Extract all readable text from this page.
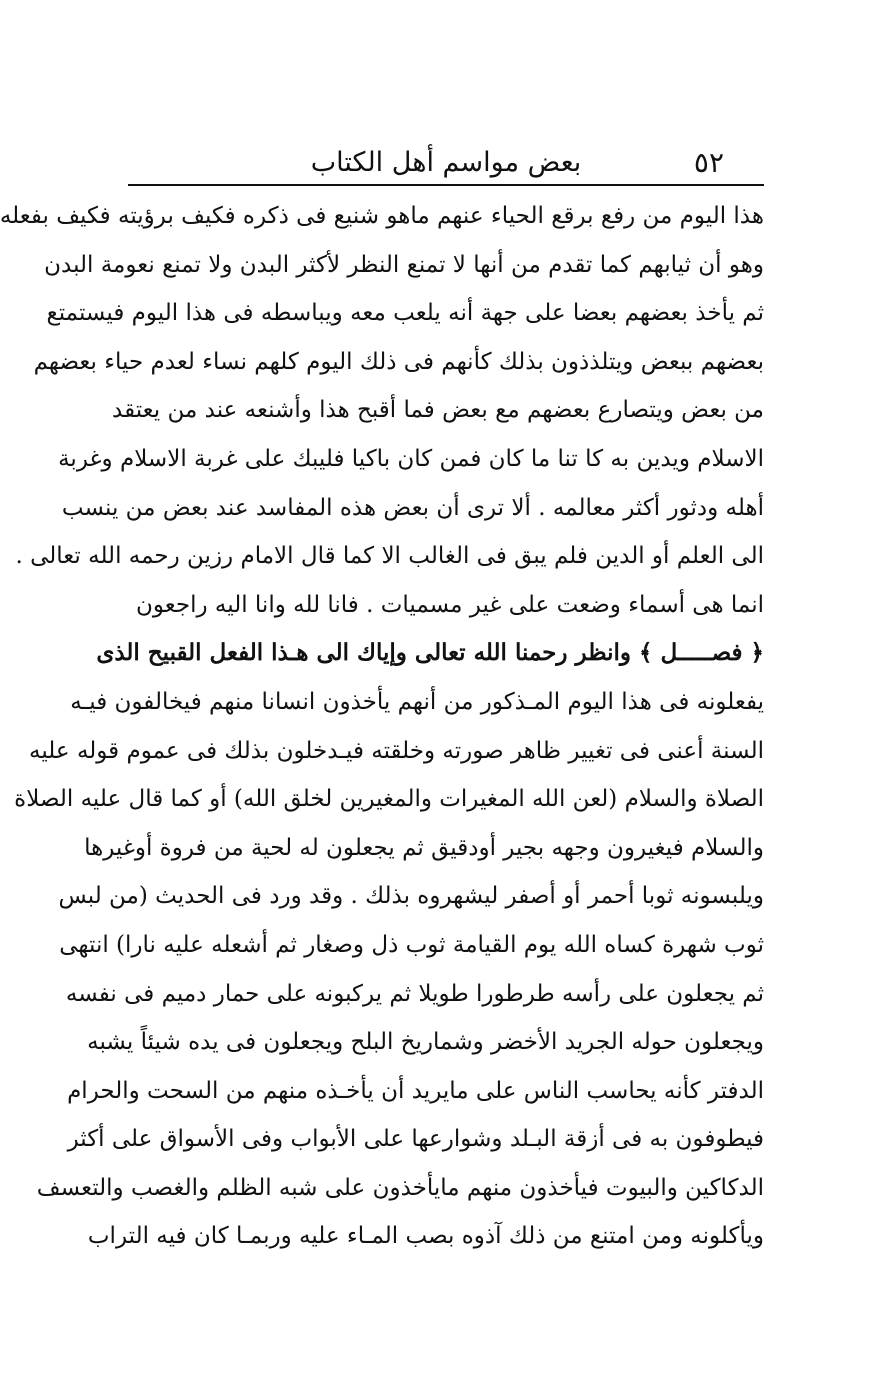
٥٢
بعض مواسم أهل الكتاب
هذا اليوم من رفع برقع الحياء عنهم ماهو شنيع فى ذكره فكيف برؤيته فكيف بفعله
وهو أن ثيابهم كما تقدم من أنها لا تمنع النظر لأكثر البدن ولا تمنع نعومة البدن
ثم يأخذ بعضهم بعضا على جهة أنه يلعب معه ويباسطه فى هذا اليوم فيستمتع
بعضهم ببعض ويتلذذون بذلك كأنهم فى ذلك اليوم كلهم نساء لعدم حياء بعضهم
من بعض ويتصارع بعضهم مع بعض فما أقبح هذا وأشنعه عند من يعتقد
الاسلام ويدين به كا تنا ما كان فمن كان باكيا فليبك على غربة الاسلام وغربة
أهله ودثور أكثر معالمه . ألا ترى أن بعض هذه المفاسد عند بعض من ينسب
الى العلم أو الدين فلم يبق فى الغالب الا كما قال الامام رزين رحمه الله تعالى .
انما هى أسماء وضعت على غير مسميات . فانا لله وانا اليه راجعون
﴿ فصـــــل ﴾ وانظر رحمنا الله تعالى وإياك الى هـذا الفعل القبيح الذى
يفعلونه فى هذا اليوم المـذكور من أنهم يأخذون انسانا منهم فيخالفون فيـه
السنة أعنى فى تغيير ظاهر صورته وخلقته فيـدخلون بذلك فى عموم قوله عليه
الصلاة والسلام (لعن الله المغيرات والمغيرين لخلق الله) أو كما قال عليه الصلاة
والسلام فيغيرون وجهه بجير أودقيق ثم يجعلون له لحية من فروة أوغيرها
ويلبسونه ثوبا أحمر أو أصفر ليشهروه بذلك . وقد ورد فى الحديث (من لبس
ثوب شهرة كساه الله يوم القيامة ثوب ذل وصغار ثم أشعله عليه نارا) انتهى
ثم يجعلون على رأسه طرطورا طويلا ثم يركبونه على حمار دميم فى نفسه
ويجعلون حوله الجريد الأخضر وشماريخ البلح ويجعلون فى يده شيئاً يشبه
الدفتر كأنه يحاسب الناس على مايريد أن يأخـذه منهم من السحت والحرام
فيطوفون به فى أزقة البـلد وشوارعها على الأبواب وفى الأسواق على أكثر
الدكاكين والبيوت فيأخذون منهم مايأخذون على شبه الظلم والغصب والتعسف
ويأكلونه ومن امتنع من ذلك آذوه بصب المـاء عليه وربمـا كان فيه التراب
